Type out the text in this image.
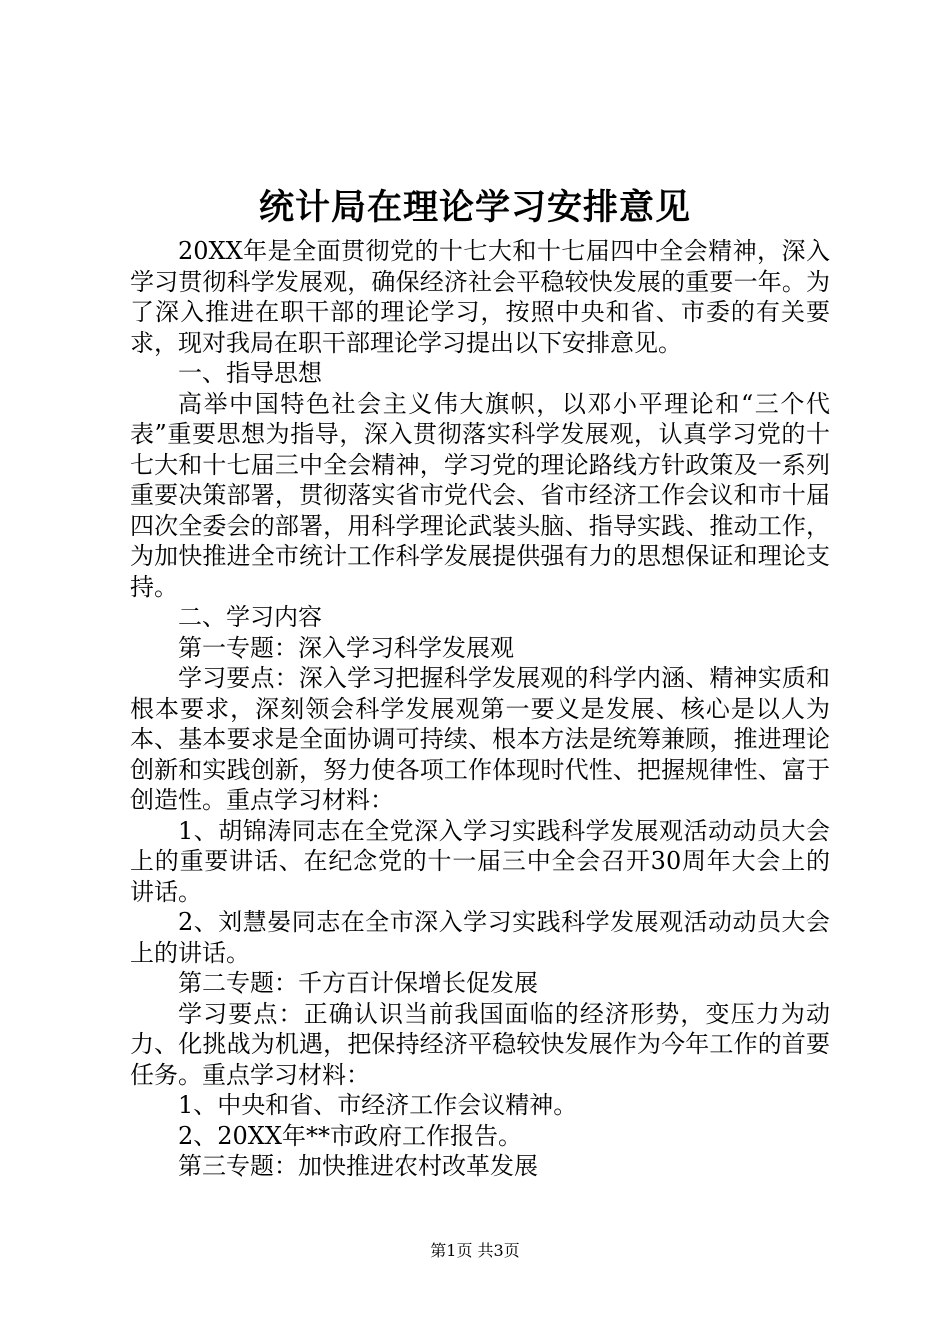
统计局在理论学习安排意见

20XX年是全面贯彻党的十七大和十七届四中全会精神，深入学习贯彻科学发展观，确保经济社会平稳较快发展的重要一年。为了深入推进在职干部的理论学习，按照中央和省、市委的有关要求，现对我局在职干部理论学习提出以下安排意见。

一、指导思想

高举中国特色社会主义伟大旗帜，以邓小平理论和“三个代表”重要思想为指导，深入贯彻落实科学发展观，认真学习党的十七大和十七届三中全会精神，学习党的理论路线方针政策及一系列重要决策部署，贯彻落实省市党代会、省市经济工作会议和市十届四次全委会的部署，用科学理论武装头脑、指导实践、推动工作，为加快推进全市统计工作科学发展提供强有力的思想保证和理论支持。

二、学习内容

第一专题：深入学习科学发展观

学习要点：深入学习把握科学发展观的科学内涵、精神实质和根本要求，深刻领会科学发展观第一要义是发展、核心是以人为本、基本要求是全面协调可持续、根本方法是统筹兼顾，推进理论创新和实践创新，努力使各项工作体现时代性、把握规律性、富于创造性。重点学习材料：

1、胡锦涛同志在全党深入学习实践科学发展观活动动员大会上的重要讲话、在纪念党的十一届三中全会召开30周年大会上的讲话。

2、刘慧晏同志在全市深入学习实践科学发展观活动动员大会上的讲话。

第二专题：千方百计保增长促发展

学习要点：正确认识当前我国面临的经济形势，变压力为动力、化挑战为机遇，把保持经济平稳较快发展作为今年工作的首要任务。重点学习材料：

1、中央和省、市经济工作会议精神。

2、20XX年**市政府工作报告。

第三专题：加快推进农村改革发展

第1页 共3页
